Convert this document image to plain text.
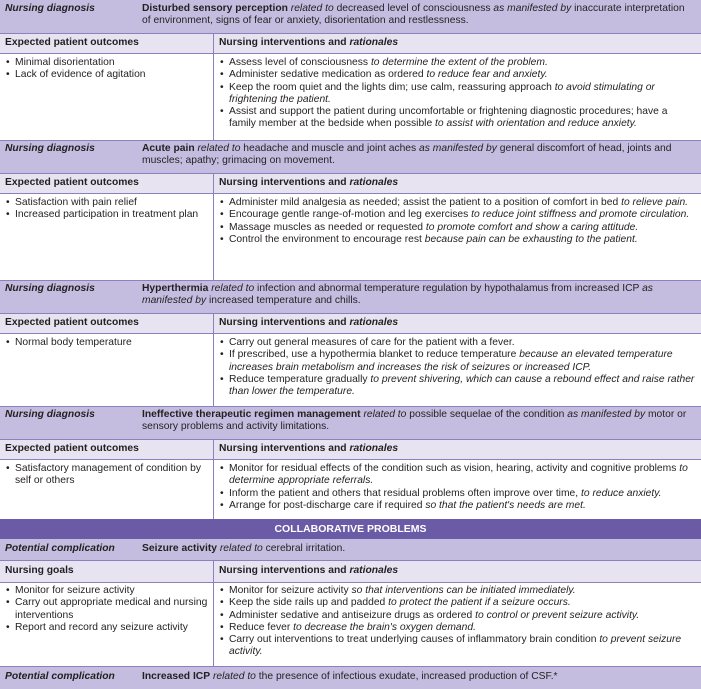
Nursing diagnosis	Disturbed sensory perception related to decreased level of consciousness as manifested by inaccurate interpretation of environment, signs of fear or anxiety, disorientation and restlessness.
Expected patient outcomes	Nursing interventions and rationales
• Minimal disorientation
• Lack of evidence of agitation
• Assess level of consciousness to determine the extent of the problem.
• Administer sedative medication as ordered to reduce fear and anxiety.
• Keep the room quiet and the lights dim; use calm, reassuring approach to avoid stimulating or frightening the patient.
• Assist and support the patient during uncomfortable or frightening diagnostic procedures; have a family member at the bedside when possible to assist with orientation and reduce anxiety.
Nursing diagnosis	Acute pain related to headache and muscle and joint aches as manifested by general discomfort of head, joints and muscles; apathy; grimacing on movement.
Expected patient outcomes	Nursing interventions and rationales
• Satisfaction with pain relief
• Increased participation in treatment plan
• Administer mild analgesia as needed; assist the patient to a position of comfort in bed to relieve pain.
• Encourage gentle range-of-motion and leg exercises to reduce joint stiffness and promote circulation.
• Massage muscles as needed or requested to promote comfort and show a caring attitude.
• Control the environment to encourage rest because pain can be exhausting to the patient.
Nursing diagnosis	Hyperthermia related to infection and abnormal temperature regulation by hypothalamus from increased ICP as manifested by increased temperature and chills.
Expected patient outcomes	Nursing interventions and rationales
• Normal body temperature
•	Carry out general measures of care for the patient with a fever.
• If prescribed, use a hypothermia blanket to reduce temperature because an elevated temperature increases brain metabolism and increases the risk of seizures or increased ICP.
• Reduce temperature gradually to prevent shivering, which can cause a rebound effect and raise rather than lower the temperature.
Nursing diagnosis	Ineffective therapeutic regimen management related to possible sequelae of the condition as manifested by motor or sensory problems and activity limitations.
Expected patient outcomes	Nursing interventions and rationales
• Satisfactory management of condition by self or others
• Monitor for residual effects of the condition such as vision, hearing, activity and cognitive problems to determine appropriate referrals.
• Inform the patient and others that residual problems often improve over time, to reduce anxiety.
• Arrange for post-discharge care if required so that the patient's needs are met.
COLLABORATIVE PROBLEMS
Potential complication	Seizure activity related to cerebral irritation.
Nursing goals	Nursing interventions and rationales
• Monitor for seizure activity
• Carry out appropriate medical and nursing interventions
• Report and record any seizure activity
• Monitor for seizure activity so that interventions can be initiated immediately.
• Keep the side rails up and padded to protect the patient if a seizure occurs.
• Administer sedative and antiseizure drugs as ordered to control or prevent seizure activity.
• Reduce fever to decrease the brain's oxygen demand.
• Carry out interventions to treat underlying causes of inflammatory brain condition to prevent seizure activity.
Potential complication	Increased ICP related to the presence of infectious exudate, increased production of CSF.*
